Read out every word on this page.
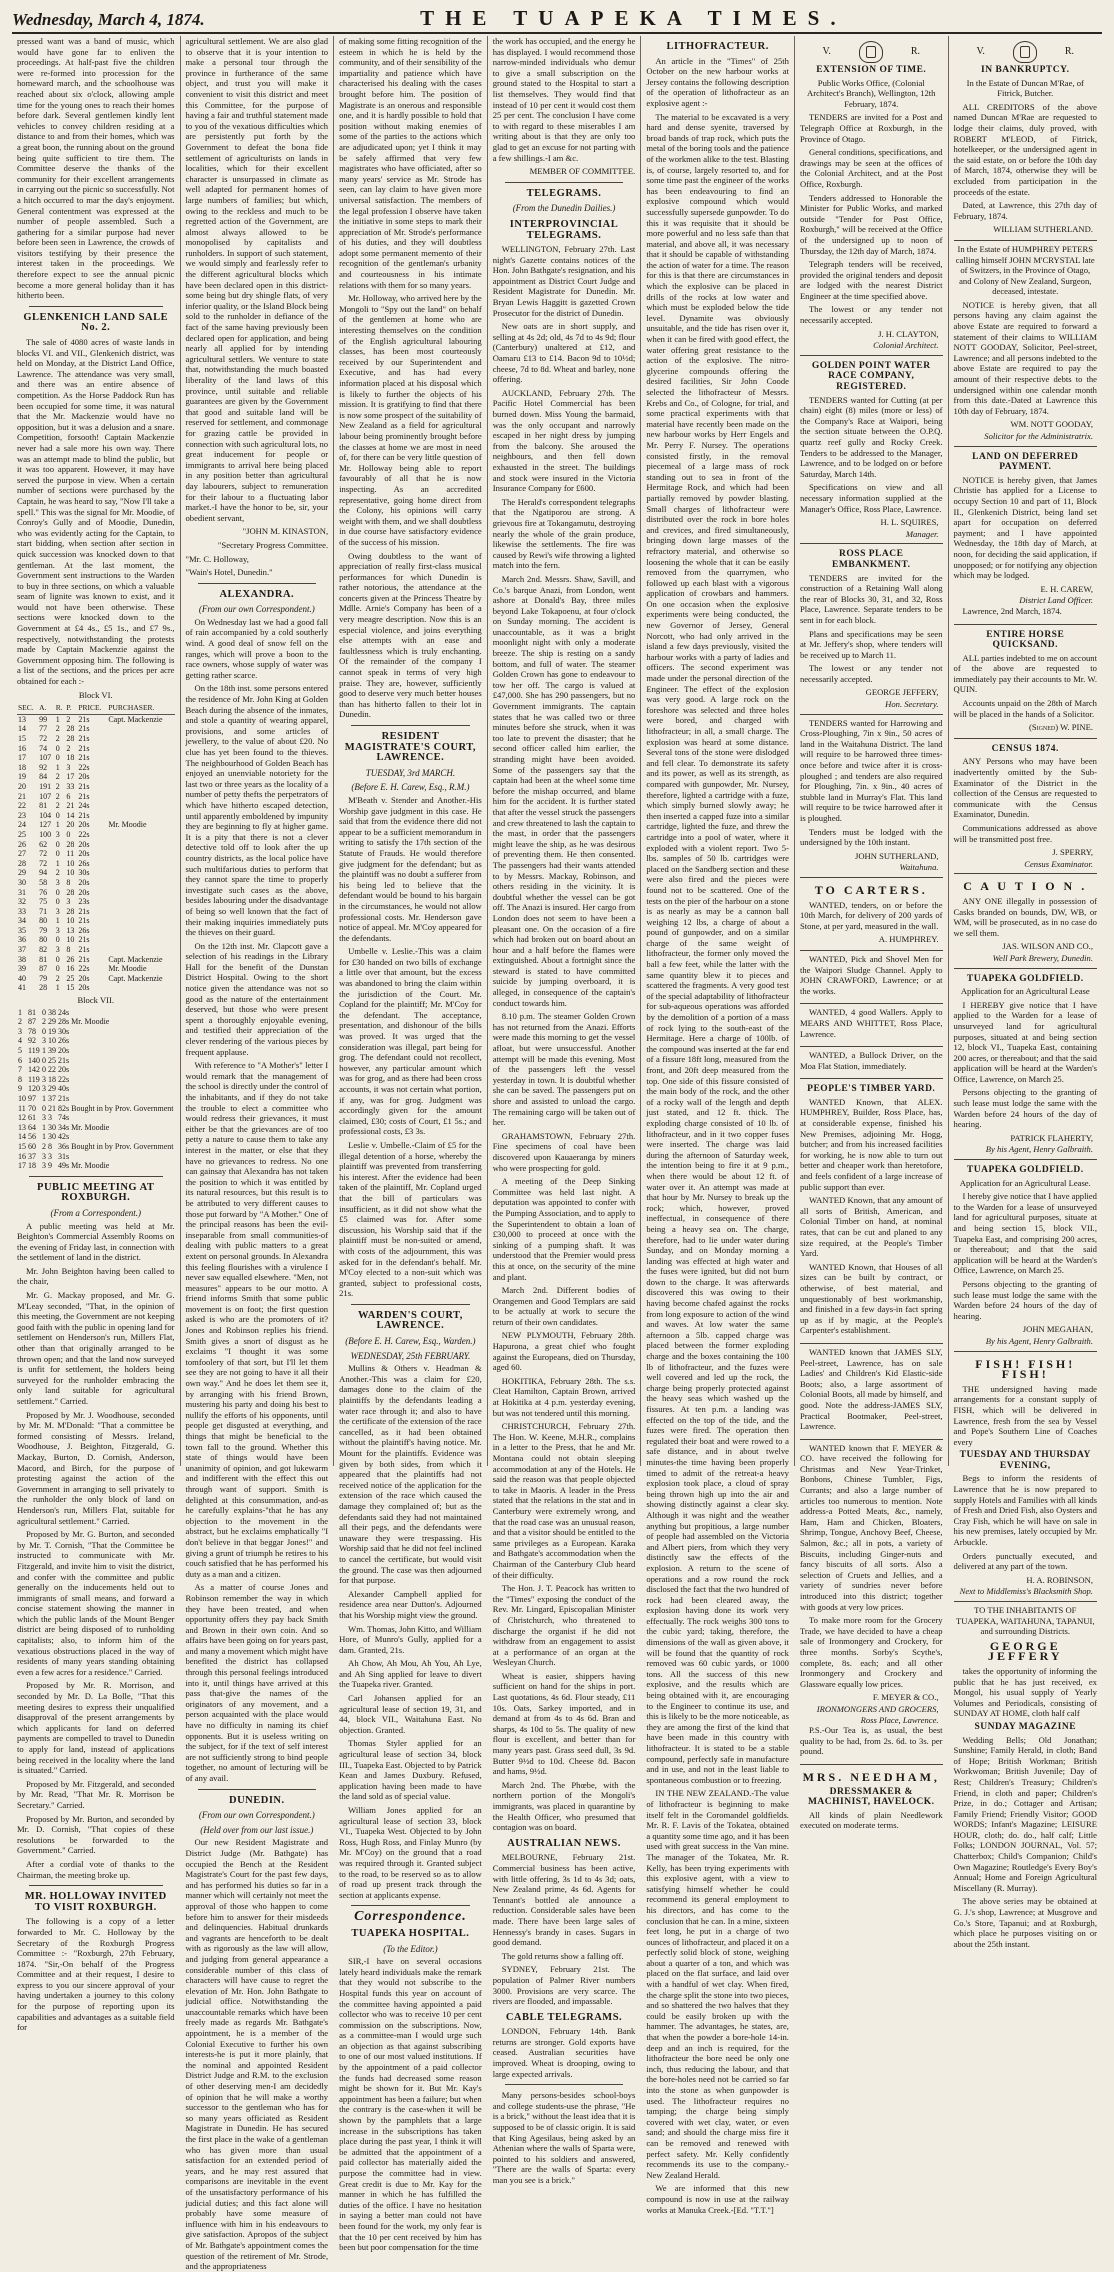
Wednesday, March 4, 1874.	THE TUAPEKA TIMES.

pressed want was a band of music, which would have gone far to enliven the proceedings. At half-past five the children were re-formed into procession for the homeward march, and the schoolhouse was reached about six o'clock, allowing ample time for the young ones to reach their homes before dark. Several gentlemen kindly lent vehicles to convey children residing at a distance to and from their homes, which was a great boon, the running about on the ground being quite sufficient to tire them. The Committee deserve the thanks of the community for their excellent arrangements in carrying out the picnic so successfully. Not a hitch occurred to mar the day's enjoyment. General contentment was expressed at the number of people assembled. Such a gathering for a similar purpose had never before been seen in Lawrence, the crowds of visitors testifying by their presence the interest taken in the proceedings. We therefore expect to see the annual picnic become a more general holiday than it has hitherto been.

GLENKENICH LAND SALE No. 2.

The sale of 4080 acres of waste lands in blocks VI. and VII., Glenkenich district, was held on Monday, at the District Land Office, Lawrence. The attendance was very small, and there was an entire absence of competition. As the Horse Paddock Run has been occupied for some time, it was natural that the Mr. Mackenzie would have no opposition, but it was a delusion and a snare. Competition, forsooth! Captain Mackenzie never had a sale more his own way. There was an attempt made to blind the public, but it was too apparent. However, it may have served the purpose in view. When a certain number of sections were purchased by the Captain, he was heard to say, "Now I'll take a spell." This was the signal for Mr. Moodie, of Conroy's Gully and of Moodie, Dunedin, who was evidently acting for the Captain, to start bidding, when section after section in quick succession was knocked down to that gentleman. At the last moment, the Government sent instructions to the Warden to buy in three sections, on which a valuable seam of lignite was known to exist, and it would not have been otherwise. These sections were knocked down to the Government at £4 4s., £5 1s., and £7 9s., respectively, notwithstanding the protests made by Captain Mackenzie against the Government opposing him. The following is a list of the sections, and the prices per acre obtained for each :-

Block VI.
SEC.	A.	R.	P.	PRICE.	PURCHASER.
13	99	1	2	21s	Capt. Mackenzie
14	77	2	28	21s	
15	72	2	28	21s	
16	74	0	2	21s	
17	107	0	18	21s	
18	92	1	3	22s	
19	84	2	17	20s	
20	191	2	33	21s	
21	107	2	6	21s	
22	81	2	21	24s	
23	104	0	14	21s	
24	127	1	20	20s	Mr. Moodie
25	100	3	0	22s	
26	62	0	28	20s	
27	72	0	11	20s	
28	72	1	10	26s	
29	94	2	10	30s	
30	58	3	8	20s	
31	76	0	28	20s	
32	75	0	3	23s	
33	71	3	28	21s	
34	80	1	10	21s	
35	79	3	13	26s	
36	80	0	10	21s	
37	82	3	8	21s	
38	81	0	26	21s	Capt. Mackenzie
39	87	0	16	22s	Mr. Moodie
40	79	2	25	20s	Capt. Mackenzie
41	28	1	15	20s	
Block VII.
1	81	0	38	24s	
2	87	2	29	28s	Mr. Moodie
3	78	0	19	30s	
4	92	3	10	26s	
5	119	1	39	20s	
6	140	0	25	21s	
7	142	0	22	20s	
8	119	3	18	22s	
9	120	3	29	40s	
10	97	1	37	21s	
11	70	0	21	82s	Bought in by Prov. Government
12	61	3	3	74s	
13	64	1	30	34s	Mr. Moodie
14	56	1	30	42s	
15	60	2	8	36s	Bought in by Prov. Government
16	37	3	3	31s	
17	18	3	9	49s	Mr. Moodie
PUBLIC MEETING AT ROXBURGH.
(From a Correspondent.)

A public meeting was held at Mr. Beighton's Commercial Assembly Rooms on the evening of Friday last, in connection with the settlement of land in the district.

Mr. John Beighton having been called to the chair,

Mr. G. Mackay proposed, and Mr. G. M'Leay seconded, "That, in the opinion of this meeting, the Government are not keeping good faith with the public in opening land for settlement on Henderson's run, Millers Flat, other than that originally arranged to be thrown open; and that the land now surveyed is unfit for settlement, the holders being surveyed for the runholder embracing the only land suitable for agricultural settlement." Carried.

Proposed by Mr. J. Woodhouse, seconded by Mr. M. M'Donald: "That a committee be formed consisting of Messrs. Ireland, Woodhouse, J. Beighton, Fitzgerald, G. Mackay, Burton, D. Cornish, Anderson, Macord, and Birch, for the purpose of protesting against the action of the Government in arranging to sell privately to the runholder the only block of land on Henderson's run, Millers Flat, suitable for agricultural settlement." Carried.

Proposed by Mr. G. Burton, and seconded by Mr. T. Cornish, "That the Committee be instructed to communicate with Mr. Fitzgerald, and invite him to visit the district, and confer with the committee and public generally on the inducements held out to immigrants of small means, and forward a concise statement showing the manner in which the public lands of the Mount Benger district are being disposed of to runholding capitalists; also, to inform him of the vexatious obstructions placed in the way of residents of many years standing obtaining even a few acres for a residence." Carried.

Proposed by Mr. R. Morrison, and seconded by Mr. D. La Bolle, "That this meeting desires to express their unqualified disapproval of the present arrangements by which applicants for land on deferred payments are compelled to travel to Dunedin to apply for land, instead of applications being received in the locality where the land is situated." Carried.

Proposed by Mr. Fitzgerald, and seconded by Mr. Read, "That Mr. R. Morrison be Secretary." Carried.

Proposed by Mr. Burton, and seconded by Mr. D. Cornish, "That copies of these resolutions be forwarded to the Government." Carried.

After a cordial vote of thanks to the Chairman, the meeting broke up.

MR. HOLLOWAY INVITED TO VISIT ROXBURGH.

The following is a copy of a letter forwarded to Mr. C. Holloway by the Secretary of the Roxburgh Progress Committee :- "Roxburgh, 27th February, 1874. "Sir,-On behalf of the Progress Committee and at their request, I desire to express to you our sincere approval of your having undertaken a journey to this colony for the purpose of reporting upon its capabilities and advantages as a suitable field for

agricultural settlement. We are also glad to observe that it is your intention to make a personal tour through the province in furtherance of the same object, and trust you will make it convenient to visit this district and meet this Committee, for the purpose of having a fair and truthful statement made to you of the vexatious difficulties which are persistently put forth by the Government to defeat the bona fide settlement of agriculturists on lands in localities, which for their excellent character is unsurpassed in climate as well adapted for permanent homes of large numbers of families; but which, owing to the reckless and much to be regretted action of the Government, are almost always allowed to be monopolised by capitalists and runholders. In support of such statement, we would simply and fearlessly refer to the different agricultural blocks which have been declared open in this district-some being but dry shingle flats, of very inferior quality, or the Island Block being sold to the runholder in defiance of the fact of the same having previously been declared open for application, and being nearly all applied for by intending agricultural settlers. We venture to state that, notwithstanding the much boasted liberality of the land laws of this province, until suitable and reliable guarantees are given by the Government that good and suitable land will be reserved for settlement, and commonage for grazing cattle be provided in connection with such agricultural lots, no great inducement for people or immigrants to arrival here being placed in any position better than agricultural day labourers, subject to remuneration for their labour to a fluctuating labor market.-I have the honor to be, sir, your obedient servant,

"JOHN M. KINASTON,

"Secretary Progress Committee.

"Mr. C. Holloway,

"Wain's Hotel, Dunedin."

ALEXANDRA.
(From our own Correspondent.)

On Wednesday last we had a good fall of rain accompanied by a cold southerly wind. A good deal of snow fell on the ranges, which will prove a boon to the race owners, whose supply of water was getting rather scarce.

On the 18th inst. some persons entered the residence of Mr. John King at Golden Beach during the absence of the inmates, and stole a quantity of wearing apparel, provisions, and some articles of jewellery, to the value of about £20. No clue has yet been found to the thieves. The neighbourhood of Golden Beach has enjoyed an unenviable notoriety for the last two or three years as the locality of a number of petty thefts the perpetrators of which have hitherto escaped detection, until apparently emboldened by impunity they are beginning to fly at higher game. It is a pity that there is not a clever detective told off to look after the up country districts, as the local police have such multifarious duties to perform that they cannot spare the time to properly investigate such cases as the above, besides labouring under the disadvantage of being so well known that the fact of their making inquiries immediately puts the thieves on their guard.

On the 12th inst. Mr. Clapcott gave a selection of his readings in the Library Hall for the benefit of the Dunstan District Hospital. Owing to the short notice given the attendance was not so good as the nature of the entertainment deserved, but those who were present spent a thoroughly enjoyable evening, and testified their appreciation of the clever rendering of the various pieces by frequent applause.

With reference to "A Mother's" letter I would remark that the management of the school is directly under the control of the inhabitants, and if they do not take the trouble to elect a committee who would redress their grievances, it must either be that the grievances are of too petty a nature to cause them to take any interest in the matter, or else that they have no grievances to redress. No one can gainsay that Alexandra has not taken the position to which it was entitled by its natural resources, but this result is to be attributed to very different causes to those put forward by "A Mother." One of the principal reasons has been the evil-inseparable from small communities-of dealing with public matters to a great extent on personal grounds. In Alexandra this feeling flourishes with a virulence I never saw equalled elsewhere. "Men, not measures" appears to be our motto. A friend informs Smith that some public movement is on foot; the first question asked is who are the promoters of it? Jones and Robinson replies his friend. Smith gives a snort of disgust as he exclaims "I thought it was some tomfoolery of that sort, but I'll let them see they are not going to have it all their own way." And he does let them see it, by arranging with his friend Brown, mustering his party and doing his best to nullify the efforts of his opponents, until people get disgusted at everything, and things that might be beneficial to the town fall to the ground. Whether this state of things would have been unanimity of opinion, and got lukewarm and indifferent with the effect this out through want of support. Smith is delighted at this consummation, and-as he carefully explains-"that he has any objection to the movement in the abstract, but he exclaims emphatically "I don't believe in that beggar Jones!" and giving a grunt of triumph he retires to his couch satisfied that he has performed his duty as a man and a citizen.

As a matter of course Jones and Robinson remember the way in which they have been treated, and when opportunity offers they pay back Smith and Brown in their own coin. And so affairs have been going on for years past, and many a movement which might have benefited the district has collapsed through this personal feelings introduced into it, until things have arrived at this pass that-give the names of the originators of any movement, and a person acquainted with the place would have no difficulty in naming its chief opponents. But it is useless writing on the subject, for if the text of self interest are not sufficiently strong to bind people together, no amount of lecturing will be of any avail.

DUNEDIN.
(From our own Correspondent.)
(Held over from our last issue.)

Our new Resident Magistrate and District Judge (Mr. Bathgate) has occupied the Bench at the Resident Magistrate's Court for the past few days, and has performed his duties so far in a manner which will certainly not meet the approval of those who happen to come before him to answer for their misdeeds and delinquencies. Habitual drunkards and vagrants are henceforth to be dealt with as rigorously as the law will allow, and judging from general appearance a considerable number of this class of characters will have cause to regret the elevation of Mr. Hon. John Bathgate to judicial office. Notwithstanding the unaccountable remarks which have been freely made as regards Mr. Bathgate's appointment, he is a member of the Colonial Executive to further his own interests-he is put it more plainly, that the nominal and appointed Resident District Judge and R.M. to the exclusion of other deserving men-I am decidedly of opinion that he will make a worthy successor to the gentleman who has for so many years officiated as Resident Magistrate in Dunedin. He has secured the first place in the wake of a gentleman who has given more than usual satisfaction for an extended period of years, and he may rest assured that comparisons are inevitable in the event of the unsatisfactory performance of his judicial duties; and this fact alone will probably have some measure of influence with him in his endeavours to give satisfaction. Apropos of the subject of Mr. Bathgate's appointment comes the question of the retirement of Mr. Strode, and the appropriateness

of making some fitting recognition of the esteem in which he is held by the community, and of their sensibility of the impartiality and patience which have characterised his dealing with the cases brought before him. The position of Magistrate is an onerous and responsible one, and it is hardly possible to hold that position without making enemies of some of the parties to the actions which are adjudicated upon; yet I think it may be safely affirmed that very few magistrates who have officiated, after so many years' service as Mr. Strode has seen, can lay claim to have given more universal satisfaction. The members of the legal profession I observe have taken the initiative in some steps to mark their appreciation of Mr. Strode's performance of his duties, and they will doubtless adopt some permanent memento of their recognition of the gentleman's urbanity and courteousness in his intimate relations with them for so many years.

Mr. Holloway, who arrived here by the Mongoli to "Spy out the land" on behalf of the gentlemen at home who are interesting themselves on the condition of the English agricultural labouring classes, has been most courteously received by our Superintendent and Executive, and has had every information placed at his disposal which is likely to further the objects of his mission. It is gratifying to find that there is now some prospect of the suitability of New Zealand as a field for agricultural labour being prominently brought before the classes at home we are most in need of, for there can be very little question of Mr. Holloway being able to report favourably of all that he is now inspecting. As an accredited representative, going home direct from the Colony, his opinions will carry weight with them, and we shall doubtless in due course have satisfactory evidence of the success of his mission.

Owing doubtless to the want of appreciation of really first-class musical performances for which Dunedin is rather notorious, the attendance at the concerts given at the Princess Theatre by Mdlle. Arnie's Company has been of a very meagre description. Now this is an especial violence, and joins everything else attempts with an ease and faultlessness which is truly enchanting. Of the remainder of the company I cannot speak in terms of very high praise. They are, however, sufficiently good to deserve very much better houses than has hitherto fallen to their lot in Dunedin.

RESIDENT MAGISTRATE'S COURT, LAWRENCE.
TUESDAY, 3rd MARCH.
(Before E. H. Carew, Esq., R.M.)

M'Beath v. Stender and Another.-His Worship gave judgment in this case. He said that from the evidence there did not appear to be a sufficient memorandum in writing to satisfy the 17th section of the Statute of Frauds. He would therefore give judgment for the defendant; but as the plaintiff was no doubt a sufferer from his being led to believe that the defendant would be bound to his bargain in the circumstances, he would not allow professional costs. Mr. Henderson gave notice of appeal. Mr. M'Coy appeared for the defendants.

Umbelle v. Leslie.-This was a claim for £30 handed on two bills of exchange a little over that amount, but the excess was abandoned to bring the claim within the jurisdiction of the Court. Mr. Copland for the plaintiff; Mr. M'Coy for the defendant. The acceptance, presentation, and dishonour of the bills was proved. It was urged that the consideration was illegal, part being for grog. The defendant could not recollect, however, any particular amount which was for grog, and as there had been cross accounts, it was not certain what portion, if any, was for grog. Judgment was accordingly given for the amount claimed, £30; costs of Court, £1 5s.; and professional costs, £3 3s.

Leslie v. Umbelle.-Claim of £5 for the illegal detention of a horse, whereby the plaintiff was prevented from transferring his interest. After the evidence had been taken of the plaintiff, Mr. Copland urged that the bill of particulars was insufficient, as it did not show what the £5 claimed was for. After some discussion, his Worship said that if the plaintiff must be non-suited or amend, with costs of the adjournment, this was asked for in the defendant's behalf. Mr. M'Coy elected to a non-suit which was granted, subject to professional costs, 21s.

WARDEN'S COURT, LAWRENCE.
(Before E. H. Carew, Esq., Warden.)
WEDNESDAY, 25th FEBRUARY.

Mullins & Others v. Headman & Another.-This was a claim for £20, damages done to the claim of the plaintiffs by the defendants leading a water race through it; and also to have the certificate of the extension of the race cancelled, as it had been obtained without the plaintiff's having notice. Mr. Mount for the plaintiffs. Evidence was given by both sides, from which it appeared that the plaintiffs had not received notice of the application for the extension of the race which caused the damage they complained of; but as the defendants said they had not maintained all their pegs, and the defendants were unaware they were trespassing. His Worship said that he did not feel inclined to cancel the certificate, but would visit the ground. The case was then adjourned for that purpose.

Alexander Campbell applied for residence area near Dutton's. Adjourned that his Worship might view the ground.

Wm. Thomas, John Kitto, and William Hore, of Munro's Gully, applied for a dam. Granted, 21s.

Ah Chow, Ah Mou, Ah You, Ah Lye, and Ah Sing applied for leave to divert the Tuapeka river. Granted.

Carl Johansen applied for an agricultural lease of section 19, 31, and 44, block VII., Waitahuna East. No objection. Granted.

Thomas Styler applied for an agricultural lease of section 34, block III., Tuapeka East. Objected to by Patrick Kean and James Duxbury. Refused, application having been made to have the land sold as of special value.

William Jones applied for an agricultural lease of section 33, block VI., Tuapeka West. Objected to by John Ross, Hugh Ross, and Finlay Munro (by Mr. M'Coy) on the ground that a road was required through it. Granted subject to the road, to be reserved so as to allow of road up present track through the section at applicants expense.

Correspondence.
TUAPEKA HOSPITAL.
(To the Editor.)

SIR,-I have on several occasions lately heard individuals make the remark that they would not subscribe to the Hospital funds this year on account of the committee having appointed a paid collector who was to receive 10 per cent commission on the subscriptions. Now, as a committee-man I would urge such an objection as that against subscribing to one of our most valued institutions. If by the appointment of a paid collector the funds had decreased some reason might be shown for it. But Mr. Kay's appointment has been a failure; but when the contrary is the case-when it will be shown by the pamphlets that a large increase in the subscriptions has taken place during the past year, I think it will be admitted that the appointment of a paid collector has materially aided the purpose the committee had in view. Great credit is due to Mr. Kay for the manner in which he has fulfilled the duties of the office. I have no hesitation in saying a better man could not have been found for the work, my only fear is that the 10 per cent received by him has been but poor compensation for the time

the work has occupied, and the energy he has displayed. I would recommend those narrow-minded individuals who demur to give a small subscription on the ground stated to the Hospital to start a list themselves. They would find that instead of 10 per cent it would cost them 25 per cent. The conclusion I have come to with regard to these miserables I am writing about is that they are only too glad to get an excuse for not parting with a few shillings.-I am &c.

MEMBER OF COMMITTEE.

TELEGRAMS.
(From the Dunedin Dailies.)
INTERPROVINCIAL TELEGRAMS.

WELLINGTON, February 27th. Last night's Gazette contains notices of the Hon. John Bathgate's resignation, and his appointment as District Court Judge and Resident Magistrate for Dunedin. Mr. Bryan Lewis Haggitt is gazetted Crown Prosecutor for the district of Dunedin.

New oats are in short supply, and selling at 4s 2d; old, 4s 7d to 4s 9d; flour (Canterbury) unaltered at £12, and Oamaru £13 to £14. Bacon 9d to 10½d; cheese, 7d to 8d. Wheat and barley, none offering.

AUCKLAND, February 27th. The Pacific Hotel Commercial has been burned down. Miss Young the barmaid, was the only occupant and narrowly escaped in her night dress by jumping from the balcony. She aroused the neighbours, and then fell down exhausted in the street. The buildings and stock were insured in the Victoria Insurance Company for £600.

The Herald's correspondent telegraphs that the Ngatiporou are strong. A grievous fire at Tokangamutu, destroying nearly the whole of the grain produce, likewise the settlements. The fire was caused by Rewi's wife throwing a lighted match into the fern.

March 2nd. Messrs. Shaw, Savill, and Co.'s barque Anazi, from London, went ashore at Donald's Bay, three miles beyond Lake Tokapoenu, at four o'clock on Sunday morning. The accident is unaccountable, as it was a bright moonlight night with only a moderate breeze. The ship is resting on a sandy bottom, and full of water. The steamer Golden Crown has gone to endeavour to tow her off. The cargo is valued at £47,000. She has 290 passengers, but no Government immigrants. The captain states that he was called two or three minutes before she struck, when it was too late to prevent the disaster; that he second officer called him earlier, the stranding might have been avoided. Some of the passengers say that the captain had been at the wheel some time before the mishap occurred, and blame him for the accident. It is further stated that after the vessel struck the passengers and crew threatened to lash the captain to the mast, in order that the passengers might leave the ship, as he was desirous of preventing them. He then consented. The passengers had their wants attended to by Messrs. Mackay, Robinson, and others residing in the vicinity. It is doubtful whether the vessel can be got off. The Anazi is insured. Her cargo from London does not seem to have been a pleasant one. On the occasion of a fire which had broken out on board about an hour and a half before the flames were extinguished. About a fortnight since the steward is stated to have committed suicide by jumping overboard, it is alleged, in consequence of the captain's conduct towards him.

8.10 p.m. The steamer Golden Crown has not returned from the Anazi. Efforts were made this morning to get the vessel afloat, but were unsuccessful. Another attempt will be made this evening. Most of the passengers left the vessel yesterday in town. It is doubtful whether she can be saved. The passengers put on shore and assisted to unload the cargo. The remaining cargo will be taken out of her.

GRAHAMSTOWN, February 27th. Fine specimens of coal have been discovered upon Kauaeranga by miners who were prospecting for gold.

A meeting of the Deep Sinking Committee was held last night. A deputation was appointed to confer with the Pumping Association, and to apply to the Superintendent to obtain a loan of £30,000 to proceed at once with the sinking of a pumping shaft. It was understood that the Premier would press this at once, on the security of the mine and plant.

March 2nd. Different bodies of Orangemen and Good Templars are said to be actually at work to secure the return of their own candidates.

NEW PLYMOUTH, February 28th. Hapurona, a great chief who fought against the Europeans, died on Thursday, aged 60.

HOKITIKA, February 28th. The s.s. Cleat Hamilton, Captain Brown, arrived at Hokitika at 4 p.m. yesterday evening, but was not tendered until this morning.

CHRISTCHURCH, February 27th. The Hon. W. Keene, M.H.R., complains in a letter to the Press, that he and Mr. Montana could not obtain sleeping accommodation at any of the Hotels. He said the reason was that people objected to take in Maoris. A leader in the Press stated that the relations in the stat and in Canterbury were extremely wrong, and that the road case was an unusual reason, and that a visitor should be entitled to the same privileges as a European. Karaka and Bathgate's accommodation when the Chairman of the Canterbury Club heard of their difficulty.

The Hon. J. T. Peacock has written to the "Times" exposing the conduct of the Rev. Mr. Lingard, Episcopalian Minister of Christchurch, who threatened to discharge the organist if he did not withdraw from an engagement to assist at a performance of an organ at the Wesleyan Church.

Wheat is easier, shippers having sufficient on hand for the ships in port. Last quotations, 4s 6d. Flour steady, £11 10s. Oats, Sarkey imported, and in demand at from 4s to 4s 6d. Bran and sharps, 4s 10d to 5s. The quality of new flour is excellent, and better than for many years past. Grass seed dull, 3s 9d. Butter 9½d to 10d. Cheese 8d. Bacon and hams, 9½d.

March 2nd. The Phœbe, with the northern portion of the Mongoli's immigrants, was placed in quarantine by the Health Officer, who presumed that contagion was on board.

AUSTRALIAN NEWS.

MELBOURNE, February 21st. Commercial business has been active, with little offering, 3s 1d to 4s 3d; oats, New Zealand prime, 4s 6d. Agents for Tennant's bottled ale announce a reduction. Considerable sales have been made. There have been large sales of Hennessy's brandy in cases. Sugars in good demand.

The gold returns show a falling off.

SYDNEY, February 21st. The population of Palmer River numbers 3000. Provisions are very scarce. The rivers are flooded, and impassable.

CABLE TELEGRAMS.

LONDON, February 14th. Bank returns are stronger. Gold exports have ceased. Australian securities have improved. Wheat is drooping, owing to large expected arrivals.

Many persons-besides school-boys and college students-use the phrase, "He is a brick," without the least idea that it is supposed to be of classic origin. It is said that King Agesilaus, being asked by an Athenian where the walls of Sparta were, pointed to his soldiers and answered, "There are the walls of Sparta: every man you see is a brick."

LITHOFRACTEUR.

An article in the "Times" of 25th October on the new harbour works at Jersey contains the following description of the operation of lithofracteur as an explosive agent :-

The material to be excavated is a very hard and dense syenite, traversed by broad bands of trap rock, which puts the metal of the boring tools and the patience of the workmen alike to the test. Blasting is, of course, largely resorted to, and for some time past the engineer of the works has been endeavouring to find an explosive compound which would successfully supersede gunpowder. To do this it was requisite that it should be more powerful and no less safe than that material, and above all, it was necessary that it should be capable of withstanding the action of water for a time. The reason for this is that there are circumstances in which the explosive can be placed in drills of the rocks at low water and which must be exploded below the tide level. Dynamite was obviously unsuitable, and the tide has risen over it, when it can be fired with good effect, the water offering great resistance to the action of the explosive. The nitro-glycerine compounds offering the desired facilities, Sir John Coode selected the lithofracteur of Messrs. Krebs and Co., of Cologne, for trial, and some practical experiments with that material have recently been made on the new harbour works by Herr Engels and Mr. Perry F. Nursey. The operations consisted firstly, in the removal piecemeal of a large mass of rock standing out to sea in front of the Hermitage Rock, and which had been partially removed by powder blasting. Small charges of lithofracteur were distributed over the rock in bore holes and crevices, and fired simultaneously, bringing down large masses of the refractory material, and otherwise so loosening the whole that it can be easily removed from the quarrymen, who followed up each blast with a vigorous application of crowbars and hammers. On one occasion when the explosive experiments were being conducted, the new Governor of Jersey, General Norcott, who had only arrived in the island a few days previously, visited the harbour works with a party of ladies and officers. The second experiment was made under the personal direction of the Engineer. The effect of the explosion was very good. A large rock on the foreshore was selected and three holes were bored, and charged with lithofracteur; in all, a small charge. The explosion was heard at some distance. Several tons of the stone were dislodged and fell clear. To demonstrate its safety and its power, as well as its strength, as compared with gunpowder, Mr. Nursey, therefore, lighted a cartridge with a fuze, which simply burned slowly away; he then inserted a capped fuze into a similar cartridge, lighted the fuze, and threw the cartridge into a pool of water, where it exploded with a violent report. Two 5-lbs. samples of 50 lb. cartridges were placed on the Sandberg section and these were also fired and the pieces were found not to be scattered. One of the tests on the pier of the harbour on a stone is as nearly as may be a cannon ball weighing 12 lbs, a charge of about a pound of gunpowder, and on a similar charge of the same weight of lithofracteur, the former only moved the ball a few feet, while the latter with the same quantity blew it to pieces and scattered the fragments. A very good test of the special adaptability of lithofracteur for sub-aqueous operations was afforded by the demolition of a portion of a mass of rock lying to the south-east of the Hermitage. Here a charge of 100lb. of the compound was inserted at the far end of a fissure 18ft long, measured from the front, and 20ft deep measured from the top. One side of this fissure consisted of the main body of the rock, and the other of a rocky wall of the length and depth just stated, and 12 ft. thick. The exploding charge consisted of 10 lb. of lithofracteur, and in it two copper fuses were inserted. The charge was laid during the afternoon of Saturday week, the intention being to fire it at 9 p.m., when there would be about 12 ft. of water over it. An attempt was made at that hour by Mr. Nursey to break up the rock; which, however, proved ineffectual, in consequence of there being a heavy sea on. The charge, therefore, had to lie under water during Sunday, and on Monday morning a landing was effected at high water and the fuses were ignited, but did not burn down to the charge. It was afterwards discovered this was owing to their having become chafed against the rocks from long exposure to action of the wind and waves. At low water the same afternoon a 5lb. capped charge was placed between the former exploding charge and the boxes containing the 100 lb of lithofracteur, and the fuzes were well covered and led up the rock, the charge being properly protected against the heavy seas which washed up the fissures. At ten p.m. a landing was effected on the top of the tide, and the fuzes were fired. The operation then regulated their boat and were rowed to a safe distance, and in about twelve minutes-the time having been properly timed to admit of the retreat-a heavy explosion took place, a cloud of spray being thrown high up into the air and showing distinctly against a clear sky. Although it was night and the weather anything but propitious, a large number of people had assembled on the Victoria and Albert piers, from which they very distinctly saw the effects of the explosion. A return to the scene of operations and a row round the rock disclosed the fact that the two hundred of rock had been cleared away, the explosion having done its work very effectually. The rock weighs 300 tons to the cubic yard; taking, therefore, the dimensions of the wall as given above, it will be found that the quantity of rock removed was 60 cubic yards, or 1000 tons. All the success of this new explosive, and the results which are being obtained with it, are encouraging to the Engineer to continue its use, and this is likely to be the more noticeable, as they are among the first of the kind that have been made in this country with lithofracteur. It is stated to be a stable compound, perfectly safe in manufacture and in use, and not in the least liable to spontaneous combustion or to freezing.

IN THE NEW ZEALAND.-The value of lithofracteur is beginning to make itself felt in the Coromandel goldfields. Mr. R. F. Lavis of the Tokatea, obtained a quantity some time ago, and it has been used with great success in the Van mine. The manager of the Tokatea, Mr. R. Kelly, has been trying experiments with this explosive agent, with a view to satisfying himself whether he could recommend its general employment to his directors, and has come to the conclusion that he can. In a mine, sixteen feet long, he put in a charge of two ounces of lithofracteur, and placed it on a perfectly solid block of stone, weighing about a quarter of a ton, and which was placed on the flat surface, and laid over with a handful of wet clay. When fired, the charge split the stone into two pieces, and so shattered the two halves that they could be easily broken up with the hammer. The advantages, he states, are, that when the powder a bore-hole 14-in. deep and an inch is required, for the lithofracteur the bore need be only one inch, thus reducing the labour, and that the bore-holes need not be carried so far into the stone as when gunpowder is used. The lithofracteur requires no tamping; the charge being simply covered with wet clay, water, or even sand; and should the charge miss fire it can be removed and renewed with perfect safety. Mr. Kelly confidently recommends its use to the company.-New Zealand Herald.

We are informed that this new compound is now in use at the railway works at Manuka Creek.-[Ed. "T.T."]

V.	R.
EXTENSION OF TIME.

Public Works Office, (Colonial Architect's Branch), Wellington, 12th February, 1874.

TENDERS are invited for a Post and Telegraph Office at Roxburgh, in the Province of Otago.

General conditions, specifications, and drawings may be seen at the offices of the Colonial Architect, and at the Post Office, Roxburgh.

Tenders addressed to Honorable the Minister for Public Works, and marked outside "Tender for Post Office, Roxburgh," will be received at the Office of the undersigned up to noon of Thursday, the 12th day of March, 1874.

Telegraph tenders will be received, provided the original tenders and deposit are lodged with the nearest District Engineer at the time specified above.

The lowest or any tender not necessarily accepted.

J. H. CLAYTON,
Colonial Architect.
GOLDEN POINT WATER RACE COMPANY, REGISTERED.

TENDERS wanted for Cutting (at per chain) eight (8) miles (more or less) of the Company's Race at Waipori, being the section situate between the O.P.Q. quartz reef gully and Rocky Creek. Tenders to be addressed to the Manager, Lawrence, and to be lodged on or before Saturday, March 14th.

Specifications on view and all necessary information supplied at the Manager's Office, Ross Place, Lawrence.

H. L. SQUIRES,
Manager.
ROSS PLACE EMBANKMENT.

TENDERS are invited for the construction of a Retaining Wall along the rear of Blocks 30, 31, and 32, Ross Place, Lawrence. Separate tenders to be sent in for each block.

Plans and specifications may be seen at Mr. Jeffery's shop, where tenders will be received up to March 11.

The lowest or any tender not necessarily accepted.

GEORGE JEFFERY,
Hon. Secretary.

TENDERS wanted for Harrowing and Cross-Ploughing, 7in x 9in., 50 acres of land in the Waitahuna District. The land will require to be harrowed three times-once before and twice after it is cross-ploughed ; and tenders are also required for Ploughing, 7in. x 9in., 40 acres of stubble land in Murray's Flat. This land will require to be twice harrowed after it is ploughed.

Tenders must be lodged with the undersigned by the 10th instant.

JOHN SUTHERLAND,
Waitahuna.
TO CARTERS.

WANTED, tenders, on or before the 10th March, for delivery of 200 yards of Stone, at per yard, measured in the wall.

A. HUMPHREY.

WANTED, Pick and Shovel Men for the Waipori Sludge Channel. Apply to JOHN CRAWFORD, Lawrence; or at the works.

WANTED, 4 good Wallers. Apply to MEARS AND WHITTET, Ross Place, Lawrence.

WANTED, a Bullock Driver, on the Moa Flat Station, immediately.

PEOPLE'S TIMBER YARD.

WANTED Known, that ALEX. HUMPHREY, Builder, Ross Place, has, at considerable expense, finished his New Premises, adjoining Mr. Hogg, butcher; and from his increased facilities for working, he is now able to turn out better and cheaper work than heretofore, and feels confident of a large increase of public support than ever.

WANTED Known, that any amount of all sorts of British, American, and Colonial Timber on hand, at nominal rates, that can be cut and planed to any size required, at the People's Timber Yard.

WANTED Known, that Houses of all sizes can be built by contract, or otherwise, of best material, and unquestionably of best workmanship, and finished in a few days-in fact spring up as if by magic, at the People's Carpenter's establishment.

WANTED known that JAMES SLY, Peel-street, Lawrence, has on sale Ladies' and Children's Kid Elastic-side Boots; also, a large assortment of Colonial Boots, all made by himself, and good. Note the address-JAMES SLY, Practical Bootmaker, Peel-street, Lawrence.

WANTED known that F. MEYER & CO. have received the following for Christmas and New Year-Trinket, Bonbons, Chinese Tumbler, Figs, Currants; and also a large number of articles too numerous to mention. Note address-a Potted Meats, &c., namely, Ham, Ham and Chicken, Bloaters, Shrimp, Tongue, Anchovy Beef, Cheese, Salmon, &c.; all in pots, a variety of Biscuits, including Ginger-nuts and fancy biscuits of all sorts. Also a selection of Cruets and Jellies, and a variety of sundries never before introduced into this district; together with goods at very low prices.

To make more room for the Grocery Trade, we have decided to have a cheap sale of Ironmongery and Crockery, for three months. Sorby's Scythe's, complete, 8s. each; and all other Ironmongery and Crockery and Glassware equally low prices.

F. MEYER & CO.,
IRONMONGERS AND GROCERS, Ross Place, Lawrence.

P.S.-Our Tea is, as usual, the best quality to be had, from 2s. 6d. to 3s. per pound.

MRS. NEEDHAM,
DRESSMAKER & MACHINIST, HAVELOCK.

All kinds of plain Needlework executed on moderate terms.

V.	R.
IN BANKRUPTCY.

In the Estate of Duncan M'Rae, of Fitrick, Butcher.

ALL CREDITORS of the above named Duncan M'Rae are requested to lodge their claims, duly proved, with ROBERT M'LEOD, of Fitrick, hotelkeeper, or the undersigned agent in the said estate, on or before the 10th day of March, 1874, otherwise they will be excluded from participation in the proceeds of the estate.

Dated, at Lawrence, this 27th day of February, 1874.

WILLIAM SUTHERLAND.

In the Estate of HUMPHREY PETERS calling himself JOHN M'CRYSTAL late of Switzers, in the Province of Otago, and Colony of New Zealand, Surgeon, deceased, intestate.

NOTICE is hereby given, that all persons having any claim against the above Estate are required to forward a statement of their claims to WILLIAM NOTT GOODAY, Solicitor, Peel-street, Lawrence; and all persons indebted to the above Estate are required to pay the amount of their respective debts to the undersigned within one calendar month from this date.-Dated at Lawrence this 10th day of February, 1874.

WM. NOTT GOODAY,
Solicitor for the Administratrix.
LAND ON DEFERRED PAYMENT.

NOTICE is hereby given, that James Christie has applied for a License to occupy Section 10 and part of 11, Block II., Glenkenich District, being land set apart for occupation on deferred payment; and I have appointed Wednesday, the 18th day of March, at noon, for deciding the said application, if unopposed; or for notifying any objection which may be lodged.

E. H. CAREW,
District Land Officer.

Lawrence, 2nd March, 1874.

ENTIRE HORSE QUICKSAND.

ALL parties indebted to me on account of the above are requested to immediately pay their accounts to Mr. W. QUIN.

Accounts unpaid on the 28th of March will be placed in the hands of a Solicitor.

(Signed) W. PINE.
CENSUS 1874.

ANY Persons who may have been inadvertently omitted by the Sub-Examinator of the District in the collection of the Census are requested to communicate with the Census Examinator, Dunedin.

Communications addressed as above will be transmitted post free.

J. SPERRY,
Census Examinator.
C A U T I O N .

ANY ONE illegally in possession of Casks branded on bounds, DW, WB, or WM, will be prosecuted, as in no case do we sell them.

JAS. WILSON AND CO.,
Well Park Brewery, Dunedin.
TUAPEKA GOLDFIELD.

Application for an Agricultural Lease

I HEREBY give notice that I have applied to the Warden for a lease of unsurveyed land for agricultural purposes, situated at and being section 12, block VI., Tuapeka East, containing 200 acres, or thereabout; and that the said application will be heard at the Warden's Office, Lawrence, on March 25.

Persons objecting to the granting of such lease must lodge the same with the Warden before 24 hours of the day of hearing.

PATRICK FLAHERTY,
By his Agent, Henry Galbraith.
TUAPEKA GOLDFIELD.

Application for an Agricultural Lease.

I hereby give notice that I have applied to the Warden for a lease of unsurveyed land for agricultural purposes, situate at and being section 15, block VII., Tuapeka East, and comprising 200 acres, or thereabout; and that the said application will be heard at the Warden's Office, Lawrence, on March 25.

Persons objecting to the granting of such lease must lodge the same with the Warden before 24 hours of the day of hearing.

JOHN MEGAHAN,
By his Agent, Henry Galbraith.
FISH! FISH! FISH!

THE undersigned having made arrangements for a constant supply of FISH, which will be delivered in Lawrence, fresh from the sea by Vessel and Pope's Southern Line of Coaches every

TUESDAY AND THURSDAY EVENING,

Begs to inform the residents of Lawrence that he is now prepared to supply Hotels and Families with all kinds of Fresh and Dried Fish, also Oysters and Cray Fish, which he will have on sale in his new premises, lately occupied by Mr. Arbuckle.

Orders punctually executed, and delivered at any part of the town.

H. A. ROBINSON,
Next to Middlemiss's Blacksmith Shop.

TO THE INHABITANTS OF TUAPEKA, WAITAHUNA, TAPANUI, and surrounding Districts.

GEORGE JEFFERY

takes the opportunity of informing the public that he has just received, ex Mongol, his usual supply of Yearly Volumes and Periodicals, consisting of SUNDAY AT HOME, cloth half calf

SUNDAY MAGAZINE

Wedding Bells; Old Jonathan; Sunshine; Family Herald, in cloth; Band of Hope; British Workman; British Workwoman; British Juvenile; Day of Rest; Children's Treasury; Children's Friend, in cloth and paper; Children's Prize, in do.; Cottager and Artisan; Family Friend; Friendly Visitor; GOOD WORDS; Infant's Magazine; LEISURE HOUR, cloth; do. do., half calf; Little Folks; LONDON JOURNAL, Vol. 57; Chatterbox; Child's Companion; Child's Own Magazine; Routledge's Every Boy's Annual; Home and Foreign Agricultural Miscellany (R. Murray).

The above series may be obtained at G. J.'s shop, Lawrence; at Musgrove and Co.'s Store, Tapanui; and at Roxburgh, which place he purposes visiting on or about the 25th instant.
